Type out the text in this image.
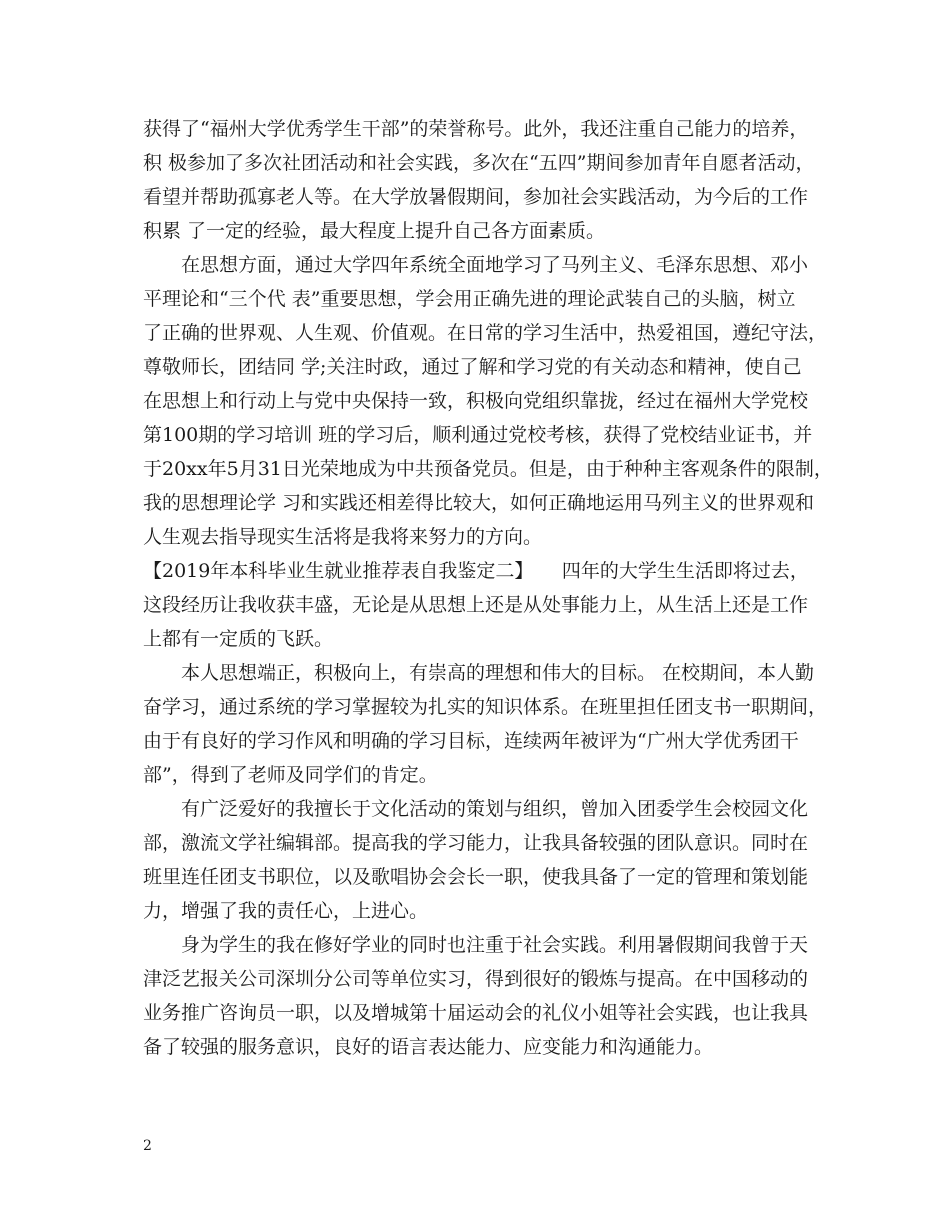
获得了“福州大学优秀学生干部”的荣誉称号。此外，我还注重自己能力的培养，
积 极参加了多次社团活动和社会实践，多次在“五四”期间参加青年自愿者活动，
看望并帮助孤寡老人等。在大学放暑假期间，参加社会实践活动，为今后的工作
积累 了一定的经验，最大程度上提升自己各方面素质。
在思想方面，通过大学四年系统全面地学习了马列主义、毛泽东思想、邓小
平理论和“三个代 表”重要思想，学会用正确先进的理论武装自己的头脑，树立
了正确的世界观、人生观、价值观。在日常的学习生活中，热爱祖国，遵纪守法，
尊敬师长，团结同 学;关注时政，通过了解和学习党的有关动态和精神，使自己
在思想上和行动上与党中央保持一致，积极向党组织靠拢，经过在福州大学党校
第100期的学习培训 班的学习后，顺利通过党校考核，获得了党校结业证书，并
于20xx年5月31日光荣地成为中共预备党员。但是，由于种种主客观条件的限制，
我的思想理论学 习和实践还相差得比较大，如何正确地运用马列主义的世界观和
人生观去指导现实生活将是我将来努力的方向。
【2019年本科毕业生就业推荐表自我鉴定二】　　四年的大学生生活即将过去，
这段经历让我收获丰盛，无论是从思想上还是从处事能力上，从生活上还是工作
上都有一定质的飞跃。
本人思想端正，积极向上，有崇高的理想和伟大的目标。 在校期间，本人勤
奋学习，通过系统的学习掌握较为扎实的知识体系。在班里担任团支书一职期间，
由于有良好的学习作风和明确的学习目标，连续两年被评为“广州大学优秀团干
部”，得到了老师及同学们的肯定。
有广泛爱好的我擅长于文化活动的策划与组织，曾加入团委学生会校园文化
部，激流文学社编辑部。提高我的学习能力，让我具备较强的团队意识。同时在
班里连任团支书职位，以及歌唱协会会长一职，使我具备了一定的管理和策划能
力，增强了我的责任心，上进心。
身为学生的我在修好学业的同时也注重于社会实践。利用暑假期间我曾于天
津泛艺报关公司深圳分公司等单位实习，得到很好的锻炼与提高。在中国移动的
业务推广咨询员一职，以及增城第十届运动会的礼仪小姐等社会实践，也让我具
备了较强的服务意识，良好的语言表达能力、应变能力和沟通能力。
2
